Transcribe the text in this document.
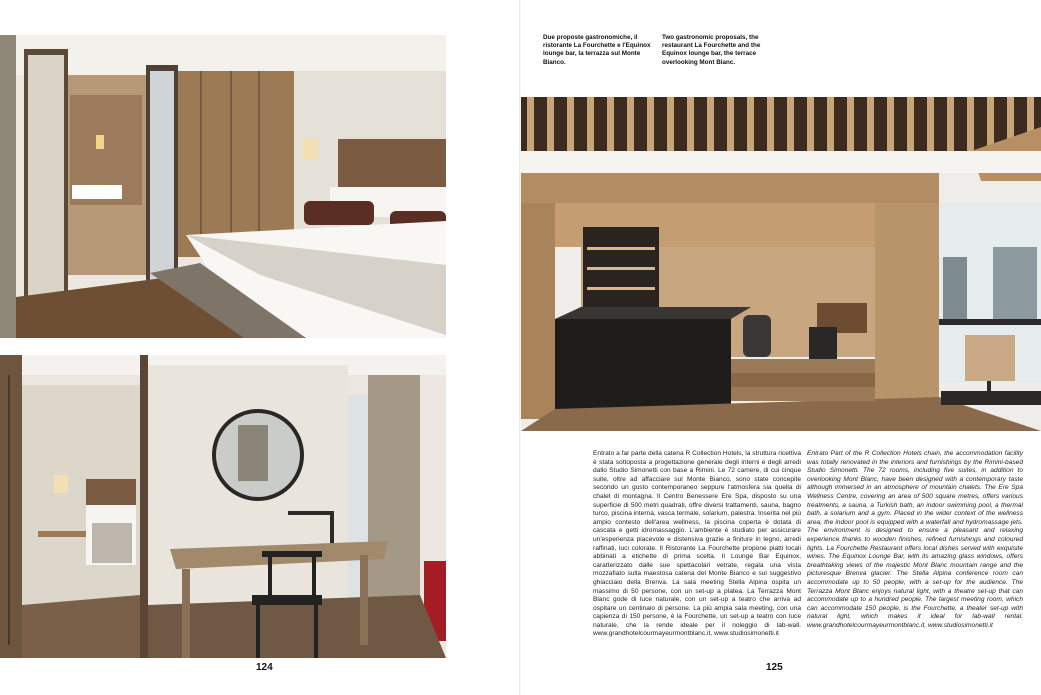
124
Due proposte gastronomiche, il ristorante La Fourchette e l'Equinox lounge bar, la terrazza sul Monte Bianco.
Two gastronomic proposals, the restaurant La Fourchette and the Equinox lounge bar, the terrace overlooking Mont Blanc.
Entrato a far parte della catena R Collection Hotels, la struttura ricettiva è stata sottoposta a progettazione generale degli interni e degli arredi dallo Studio Simonetti con base a Rimini. Le 72 camere, di cui cinque suite, oltre ad affacciare sul Monte Bianco, sono state concepite secondo un gusto contemporaneo seppure l'atmosfera sia quella di chalet di montagna. Il Centro Benessere Ere Spa, disposto su una superficie di 500 metri quadrati, offre diversi trattamenti, sauna, bagno turco, piscina interna, vasca termale, solarium, palestra. Inserita nel più ampio contesto dell'area wellness, la piscina coperta è dotata di cascata e getti idromassaggio. L'ambiente è studiato per assicurare un'esperienza piacevole e distensiva grazie a finiture in legno, arredi raffinati, luci colorate. Il Ristorante La Fourchette propone piatti locali abbinati a etichette di prima scelta. Il Lounge Bar Equinox, caratterizzato dalle sue spettacolari vetrate, regala una vista mozzafiato sulla maestosa catena del Monte Bianco e sul suggestivo ghiacciaio della Brenva. La sala meeting Stella Alpina ospita un massimo di 50 persone, con un set-up a platea. La Terrazza Mont Blanc gode di luce naturale, con un set-up a teatro che arriva ad ospitare un centinaio di persone. La più ampia sala meeting, con una capienza di 150 persone, è la Fourchette, un set-up a teatro con luce naturale, che la rende ideale per il noleggio di lab-wall. www.grandhotelcourmayeurmontblanc.it, www.studiosimonetti.it
Entrato Part of the R Collection Hotels chain, the accommodation facility was totally renovated in the interiors and furnishings by the Rimini-based Studio Simonetti. The 72 rooms, including five suites, in addition to overlooking Mont Blanc, have been designed with a contemporary taste although immersed in an atmosphere of mountain chalets. The Ere Spa Wellness Centre, covering an area of 500 square metres, offers various treatments, a sauna, a Turkish bath, an indoor swimming pool, a thermal bath, a solarium and a gym. Placed in the wider context of the wellness area, the indoor pool is equipped with a waterfall and hydromassage jets. The environment is designed to ensure a pleasant and relaxing experience thanks to wooden finishes, refined furnishings and coloured lights. La Fourchette Restaurant offers local dishes served with exquisite wines. The Equinox Lounge Bar, with its amazing glass windows, offers breathtaking views of the majestic Mont Blanc mountain range and the picturesque Brenva glacier. The Stella Alpina conference room can accommodate up to 50 people, with a set-up for the audience. The Terrazza Mont Blanc enjoys natural light, with a theatre set-up that can accommodate up to a hundred people. The largest meeting room, which can accommodate 150 people, is the Fourchette, a theater set-up with natural light, which makes it ideal for lab-wall rental. www.grandhotelcourmayeurmontblanc.it, www.studiosimonetti.it
125
